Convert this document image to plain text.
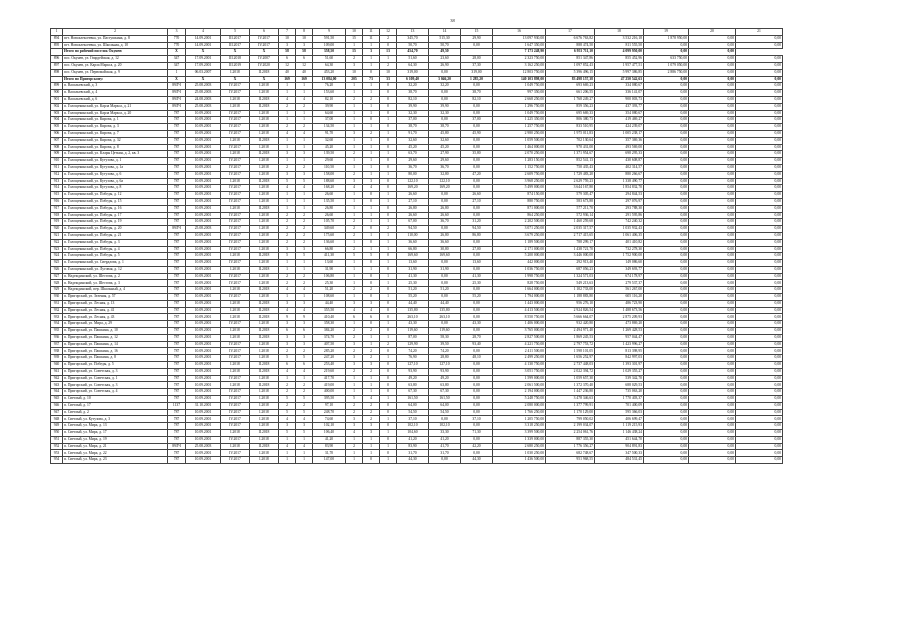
38
1	2	3	4	5	6	7	8	9	10	11	12	13	14	15	16	17	18	19	20	21
894	пгт. Новоалексеевка, ул. Пастушкина, д. 8	770	14.09.2001	III.2017	IV.2017	10	10	591,50	15	11	2	345,70	515,30	29,90	13 097 930,00	6 676 763,82	3 532 216,18	1 878 950,00	0,00	0,00
895	пгт. Новоалексеевка, ул. Школьная, д. 10	770	14.09.2001	III.2017	IV.2017	3	3	109,00	1	1	0	50,70	50,70	0,00	1 647 350,00	888 474,50	811 555,50	0,00	0,00	0,00
	Итого по рабочий поселок Окунев:	X	X	X	X	58	58	358,50	15	3	13	454,70	49,50		7 173 248,90	6 953 711,10	4 099 950,00	0,00	0,00	
896	пос. Окунев, ул. Гвардейская, д. 12	347	17.09.2001	III.2018	IV.2007	6	6	51,60	2	1	1	51,60	23,60	28,00	2 323 750,00	851 347,86	855 452,96	633 750,00	0,00	0,00
897	пос. Окунев, ул. Карла Маркса, д. 20	347	17.09.2001	III.2019	IV.2020	12	12	64,30	3	1	2	64,30	26,90	37,30	3 162 250,00	1 097 852,43	1 957 477,51	1 079 050,00	0,00	0,00
898	пос. Окунев, ул. Первомайская, д. 9	1	06.03.2007	I.2018	II.2018	40	40	453,20	10	0	10	319,00	0,00	319,00	12 803 750,00	5 396 496,15	5 997 386,85	2 886 750,00	0,00	0,00
	Итого по Пригорскому:	X	X	X	X	169	169	13 084,00	205	73	33	6 109,40	3 046,20	1 285,20	140 103 898,00	83 498 157,38	47 250 542,63	0,00	0,00	0,00
899	п. Васильевский, д. 3	89ЛЧ	25.08.2003	IV.2017	I.2018	1	1	76,20	1	1	0	32,20	32,20	0,00	1 049 750,00	693 669,23	334 080,67	0,00	0,00	0,00
900	п. Васильевский, д. 4	89ЛЧ	25.08.2003	IV.2017	I.2018	1	1	153,60	1	1	0	38,70	0,00	38,70	997 350,00	661 206,55	336 141,07	0,00	0,00	0,00
901	п. Васильевский, д. 6	89ЛЧ	24.08.2003	I.2018	II.2018	4	4	82,10	2	2	0	82,10	0,00	82,10	2 668 250,00	1 768 249,27	900 003,73	0,00	0,00	0,00
902	п. Голощекинский, ул. Карла Маркса, д. 21	89ЛЧ	25.08.2003	I.2018	II.2018	2	2	39,90	1	1	0	39,90	39,90	0,00	1 296 750,00	859 356,23	437 393,77	0,00	0,00	0,00
903	п. Голощекинский, ул. Карла Маркса, д. 20	787	10.09.2001	IV.2017	I.2018	1	1	64,60	1	1	0	32,30	32,30	0,00	1 049 750,00	695 669,33	354 080,67	0,00	0,00	0,00
904	п. Голощекинский, ул. Кирова, д. 1	787	10.09.2001	IV.2017	I.2018	1	1	37,00	1	0	1	37,00	0,00	37,00	1 225 350,00	806 380,73	419 469,27	0,00	0,00	0,00
905	п. Голощекинский, ул. Кирова, д. 3	787	10.09.2001	IV.2017	I.2018	2	2	134,50	1	1	0	38,70	38,70	0,00	1 257 750,00	833 510,95	424 239,07	0,00	0,00	0,00
906	п. Голощекинский, ул. Кирова, д. 7	787	10.09.2001	IV.2017	I.2018	4	4	91,70	3	2	1	91,70	45,80	45,90	2 980 250,00	1 975 011,83	1 005 238,17	0,00	0,00	0,00
907	п. Голощекинский, ул. Кирова, д. 32	787	10.09.2001	I.2018	II.2018	1	1	32,60	1	1	0	32,60	32,60	0,00	1 059 500,00	702 130,64	357 369,36	0,00	0,00	0,00
908	п. Голощекинский, ул. Кирова, д. 8	787	10.09.2001	IV.2017	I.2018	1	1	45,20	1	1	0	45,20	45,20	0,00	1 464 000,00	970 431,00	493 569,00	0,00	0,00	0,00
909	п. Голощекинский, ул. Клары Цеткин, д. 2, кв. 3	787	10.09.2001	I.2018	II.2018	3	3	139,50	2	1	1	63,70	27,90	35,80	2 070 250,00	1 371 954,67	698 295,33	0,00	0,00	0,00
910	п. Голощекинский, ул. Кутузова, д. 1	787	10.09.2001	IV.2017	I.2018	1	1	29,60	1	1	0	29,60	29,60	0,00	1 283 150,00	852 541,13	430 608,87	0,00	0,00	0,00
911	п. Голощекинский, ул. Кутузова, д. 1а	787	10.09.2001	IV.2017	I.2018	2	2	110,50	1	1	0	36,70	36,70	0,00	1 152 750,00	750 435,43	402 314,57	0,00	0,00	0,00
912	п. Голощекинский, ул. Кутузова, д. 6	787	10.09.2001	IV.2017	I.2018	3	3	158,00	2	1	1	80,00	32,80	47,20	2 609 750,00	1 729 483,20	880 266,67	0,00	0,00	0,00
913	п. Голощекинский, ул. Кутузова, д. 6а	787	10.09.2001	I.2018	II.2018	5	5	188,60	3	3	0	122,10	122,10	0,00	3 968 250,00	2 629 759,23	1 338 490,77	0,00	0,00	0,00
914	п. Голощекинский, ул. Кутузова, д. 8	787	10.09.2001	IV.2017	I.2018	4	4	168,20	4	4	0	169,20	169,20	0,00	5 499 000,00	3 644 167,80	1 854 832,70	0,00	0,00	0,00
915	п. Голощекинский, ул. Победы, д. 12	787	10.09.2001	IV.2017	I.2018	1	1	26,60	1	0	1	26,60	0,00	26,60	874 150,00	579 305,47	294 844,53	0,00	0,00	0,00
916	п. Голощекинский, ул. Победы, д. 15	787	10.09.2001	IV.2017	I.2018	1	1	135,50	1	0	1	27,10	0,00	27,10	880 750,00	583 673,88	297 076,97	0,00	0,00	0,00
917	п. Голощекинский, ул. Победы, д. 16	787	10.09.2001	I.2018	II.2018	1	1	26,80	1	1	0	26,80	26,80	0,00	871 000,00	577 211,70	293 788,30	0,00	0,00	0,00
918	п. Голощекинский, ул. Победы, д. 17	787	10.09.2001	IV.2017	I.2018	2	2	26,60	1	1	0	26,60	26,60	0,00	864 250,00	572 936,14	291 595,86	0,00	0,00	0,00
919	п. Голощекинский, ул. Победы, д. 19	787	10.09.2001	IV.2017	I.2018	2	2	105,70	2	1	1	67,00	36,70	31,20	2 202 500,00	1 460 259,68	742 240,32	0,00	0,00	0,00
920	п. Голощекинский, ул. Победы, д. 20	89ЛЧ	25.08.2003	IV.2017	I.2018	2	2	349,60	2	0	2	94,50	0,00	94,50	3 071 250,00	2 035 317,57	1 035 932,43	0,00	0,00	0,00
921	п. Голощекинский, ул. Победы, д. 21	787	10.09.2001	IV.2017	I.2018	2	2	175,60	2	1	1	110,00	26,80	86,80	3 679 250,00	2 717 415,65	1 061 406,35	0,00	0,00	0,00
922	п. Голощекинский, ул. Победы, д. 3	787	10.09.2001	IV.2017	I.2018	2	2	136,60	1	0	1	36,60	36,60	0,00	1 189 500,00	788 299,17	401 410,82	0,00	0,00	0,00
923	п. Голощекинский, ул. Победы, д. 4	787	10.09.2001	IV.2017	I.2018	3	3	66,80	2	1	1	66,80	30,80	27,00	2 171 000,00	1 438 721,70	732 278,30	0,00	0,00	0,00
924	п. Голощекинский, ул. Победы, д. 5	787	10.09.2001	I.2018	II.2018	5	5	411,30	5	5	0	169,60	169,60	0,00	5 200 000,00	3 446 000,00	1 752 900,00	0,00	0,00	0,00
925	п. Голощекинский, ул. Свердлова, д. 1	787	10.09.2001	IV.2017	I.2018	1	1	13,60	1	0	1	13,60	0,00	13,60	442 000,00	292 913,40	149 086,60	0,00	0,00	0,00
926	п. Голощекинский, ул. Луговая, д. 12	787	10.09.2001	I.2018	II.2018	1	1	31,90	1	1	0	31,90	31,90	0,00	1 036 750,00	687 056,23	349 693,77	0,00	0,00	0,00
927	п. Надеждинский, ул. Шестова, д. 2	787	10.09.2001	IV.2017	I.2018	2	2	106,80	1	0	1	41,30	0,00	41,30	1 998 750,00	1 324 571,03	674 178,97	0,00	0,00	0,00
928	п. Надеждинский, ул. Шестова, д. 3	787	10.09.2001	IV.2017	I.2018	2	2	25,30	1	0	1	25,30	0,00	25,30	828 750,00	549 213,63	279 537,37	0,00	0,00	0,00
929	п. Надеждинский, пер. Школьный, д. 4	787	10.09.2001	I.2018	II.2018	4	4	51,20	2	2	0	51,20	51,20	0,00	1 664 000,00	1 102 733,00	561 267,00	0,00	0,00	0,00
930	п. Пригорский, ул. Зеленая, д. 57	787	10.09.2001	IV.2017	I.2018	1	1	108,60	1	0	1	55,20	0,00	55,20	1 794 000,00	1 188 883,80	605 116,20	0,00	0,00	0,00
931	п. Пригорский, ул. Лесная, д. 13	787	10.09.2001	I.2018	II.2018	3	3	44,40	3	3	0	44,40	44,40	0,00	1 443 000,00	956 276,10	486 723,90	0,00	0,00	0,00
932	п. Пригорский, ул. Лесная, д. 41	787	10.09.2001	I.2018	II.2018	4	4	355,50	4	4	0	135,80	135,80	0,00	4 413 500,00	2 924 826,54	1 488 673,56	0,00	0,00	0,00
933	п. Пригорский, ул. Лесная, д. 43	787	10.09.2001	I.2018	II.2018	9	9	410,40	6	6	0	263,10	263,10	0,00	8 550 750,00	5 666 664,07	2 875 209,93	0,00	0,00	0,00
934	п. Пригорский, ул. Мира, д. 29	787	10.09.2001	IV.2017	I.2018	3	3	358,30	1	0	1	43,30	0,00	43,30	1 406 000,00	932 420,80	473 869,20	0,00	0,00	0,00
935	п. Пригорский, ул. Пашкина, д. 10	787	10.09.2001	I.2018	II.2018	6	6	384,20	2	2	0	119,60	119,60	0,00	3 765 000,00	2 494 971,40	1 269 428,53	0,00	0,00	0,00
936	п. Пригорский, ул. Пашкина, д. 12	787	10.09.2001	I.2018	II.2018	3	3	374,70	2	1	1	87,00	58,30	28,70	2 827 500,00	1 869 245,53	957 044,47	0,00	0,00	0,00
937	п. Пригорский, ул. Пашкина, д. 14	787	10.09.2001	IV.2017	I.2018	3	3	407,50	3	1	2	129,90	39,50	93,40	4 221 750,00	2 797 753,72	1 423 996,27	0,00	0,00	0,00
938	п. Пригорский, ул. Пашкина, д. 16	787	10.09.2001	IV.2017	I.2018	2	2	285,20	2	2	0	74,20	74,20	0,00	2 411 500,00	1 598 101,05	813 398,95	0,00	0,00	0,00
939	п. Пригорский, ул. Пашкина, д. 8	787	10.09.2001	IV.2017	I.2018	5	5	247,20	3	2	1	76,90	28,80	48,10	2 499 250,00	1 656 252,97	842 997,03	0,00	0,00	0,00
940	п. Пригорский, ул. Победы, д. 5	787	10.09.2001	I.2018	II.2018	6	6	253,40	3	3	0	127,10	127,10	0,00	4 130 750,00	2 737 448,03	1 393 301,97	0,00	0,00	0,00
941	п. Пригорский, ул. Советская, д. 3	787	10.09.2001	I.2018	II.2018	4	4	219,60	2	2	0	93,90	93,90	0,00	3 051 750,00	2 022 394,72	1 029 355,27	0,00	0,00	0,00
942	п. Пригорский, ул. Советская, д. 1	787	10.09.2001	IV.2017	I.2018	1	1	417,70	1	1	0	49,20	49,20	0,00	1 599 000,00	1 059 657,30	539 342,70	0,00	0,00	0,00
943	п. Пригорский, ул. Советская, д. 3	787	10.09.2001	I.2018	II.2018	2	2	419,00	1	1	0	63,80	63,80	0,00	2 061 500,00	1 372 370,40	688 029,53	0,00	0,00	0,00
944	п. Пригорский, ул. Советская, д. 4	787	10.09.2001	IV.2017	I.2018	2	2	400,00	1	1	0	67,30	67,30	0,00	2 194 000,00	1 447 236,80	735 063,20	0,00	0,00	0,00
945	п. Светлый, д. 10	787	10.09.2001	IV.2017	I.2018	5	5	395,50	5	4	1	161,50	161,50	0,00	5 248 750,00	3 478 346,63	1 770 403,37	0,00	0,00	0,00
946	п. Светлый, д. 17	1137	31.10.2001	IV.2017	I.2018	2	2	97,10	2	2	0	64,00	64,00	0,00	2 080 000,00	1 377 799,91	701 400,09	0,00	0,00	0,00
947	п. Светлый, д. 2	787	10.09.2001	IV.2017	I.2018	5	5	248,70	2	2	0	54,50	54,50	0,00	1 766 250,00	1 170 129,00	595 366,03	0,00	0,00	0,00
948	п. Светлый, ул. Кутузова, д. 3	787	10.09.2001	IV.2017	I.2018	4	4	74,60	3	2	1	37,10	0,00	37,10	1 205 750,00	799 050,02	406 699,47	0,00	0,00	0,00
949	п. Светлый, ул. Мира, д. 13	787	10.09.2001	IV.2017	I.2018	3	3	102,10	3	3	0	102,10	102,10	0,00	3 318 250,00	2 199 034,07	1 119 215,93	0,00	0,00	0,00
950	п. Светлый, ул. Мира, д. 17	787	10.09.2001	I.2018	II.2018	5	5	106,40	4	3	1	104,60	33,30	71,30	3 399 500,00	2 254 061,76	1 146 438,24	0,00	0,00	0,00
951	п. Светлый, ул. Мира, д. 19	787	10.09.2001	IV.2017	I.2018	1	1	41,20	1	1	0	41,20	41,20	0,00	1 339 000,00	887 355,30	451 644,70	0,00	0,00	0,00
952	п. Светлый, ул. Мира, д. 21	89ЛЧ	25.08.2003	I.2018	II.2018	4	4	83,90	2	1	1	83,90	41,70	42,20	2 680 250,00	1 776 356,27	904 891,83	0,00	0,00	0,00
953	п. Светлый, ул. Мира, д. 22	787	10.09.2001	IV.2017	I.2018	1	1	31,70	1	1	0	31,70	31,70	0,00	1 030 250,00	682 748,67	347 500,33	0,00	0,00	0,00
954	п. Светлый, ул. Мира, д. 23	787	10.09.2001	IV.2017	I.2018	1	1	147,00	1	0	1	44,30	0,00	44,30	1 436 500,00	951 968,55	484 531,45	0,00	0,00	0,00
